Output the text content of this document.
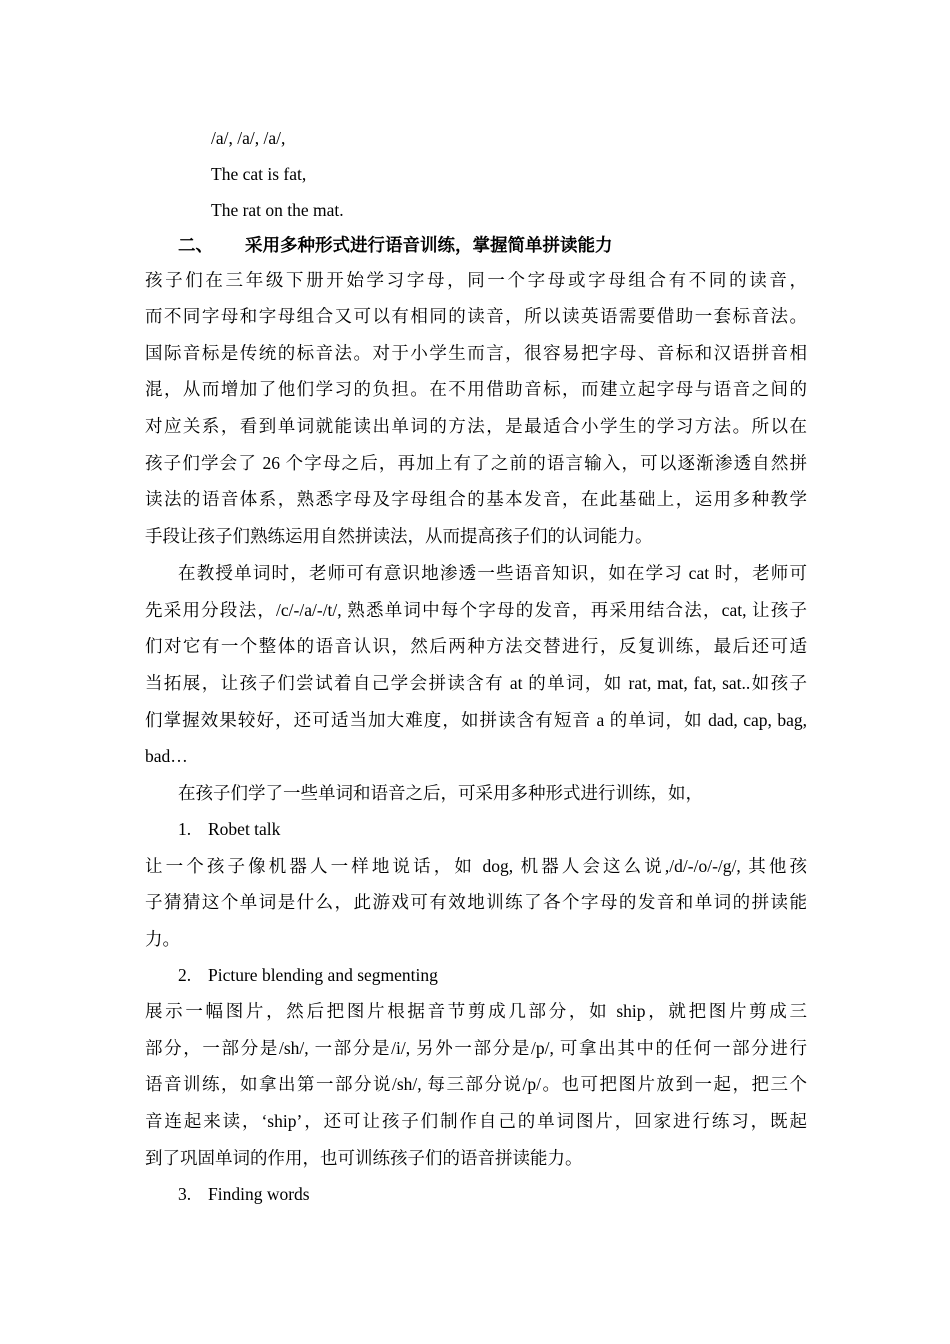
/a/, /a/, /a/,
The cat is fat,
The rat on the mat.
二、 采用多种形式进行语音训练，掌握简单拼读能力
孩子们在三年级下册开始学习字母，同一个字母或字母组合有不同的读音，
而不同字母和字母组合又可以有相同的读音，所以读英语需要借助一套标音法。
国际音标是传统的标音法。对于小学生而言，很容易把字母、音标和汉语拼音相
混，从而增加了他们学习的负担。在不用借助音标，而建立起字母与语音之间的
对应关系，看到单词就能读出单词的方法，是最适合小学生的学习方法。所以在
孩子们学会了 26 个字母之后，再加上有了之前的语言输入，可以逐渐渗透自然拼
读法的语音体系，熟悉字母及字母组合的基本发音，在此基础上，运用多种教学
手段让孩子们熟练运用自然拼读法，从而提高孩子们的认词能力。
在教授单词时，老师可有意识地渗透一些语音知识，如在学习 cat 时，老师可
先采用分段法，/c/-/a/-/t/, 熟悉单词中每个字母的发音，再采用结合法，cat, 让孩子
们对它有一个整体的语音认识，然后两种方法交替进行，反复训练，最后还可适
当拓展，让孩子们尝试着自己学会拼读含有 at 的单词，如 rat, mat, fat, sat..如孩子
们掌握效果较好，还可适当加大难度，如拼读含有短音 a 的单词，如 dad, cap, bag,
bad…
在孩子们学了一些单词和语音之后，可采用多种形式进行训练，如，
1. Robet talk
让一个孩子像机器人一样地说话，如 dog, 机器人会这么说,/d/-/o/-/g/, 其他孩
子猜猜这个单词是什么，此游戏可有效地训练了各个字母的发音和单词的拼读能
力。
2. Picture blending and segmenting
展示一幅图片，然后把图片根据音节剪成几部分，如 ship，就把图片剪成三
部分，一部分是/sh/, 一部分是/i/, 另外一部分是/p/, 可拿出其中的任何一部分进行
语音训练，如拿出第一部分说/sh/, 每三部分说/p/。也可把图片放到一起，把三个
音连起来读，‘ship’，还可让孩子们制作自己的单词图片，回家进行练习，既起
到了巩固单词的作用，也可训练孩子们的语音拼读能力。
3. Finding words
